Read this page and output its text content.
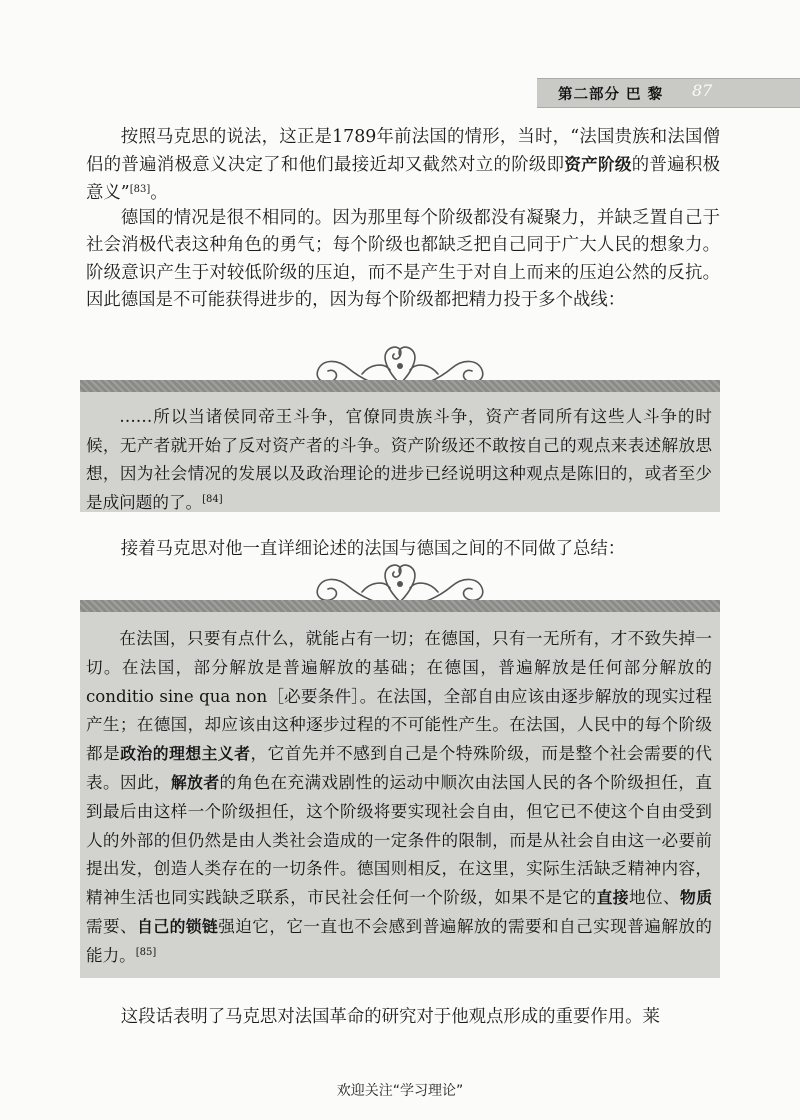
第二部分 巴 黎 87

按照马克思的说法，这正是1789年前法国的情形，当时，“法国贵族和法国僧侣的普遍消极意义决定了和他们最接近却又截然对立的阶级即资产阶级的普遍积极意义”[83]。

德国的情况是很不相同的。因为那里每个阶级都没有凝聚力，并缺乏置自己于社会消极代表这种角色的勇气；每个阶级也都缺乏把自己同于广大人民的想象力。阶级意识产生于对较低阶级的压迫，而不是产生于对自上而来的压迫公然的反抗。因此德国是不可能获得进步的，因为每个阶级都把精力投于多个战线：

……所以当诸侯同帝王斗争，官僚同贵族斗争，资产者同所有这些人斗争的时候，无产者就开始了反对资产者的斗争。资产阶级还不敢按自己的观点来表述解放思想，因为社会情况的发展以及政治理论的进步已经说明这种观点是陈旧的，或者至少是成问题的了。[84]

接着马克思对他一直详细论述的法国与德国之间的不同做了总结：

在法国，只要有点什么，就能占有一切；在德国，只有一无所有，才不致失掉一切。在法国，部分解放是普遍解放的基础；在德国，普遍解放是任何部分解放的 conditio sine qua non［必要条件］。在法国，全部自由应该由逐步解放的现实过程产生；在德国，却应该由这种逐步过程的不可能性产生。在法国，人民中的每个阶级都是政治的理想主义者，它首先并不感到自己是个特殊阶级，而是整个社会需要的代表。因此，解放者的角色在充满戏剧性的运动中顺次由法国人民的各个阶级担任，直到最后由这样一个阶级担任，这个阶级将要实现社会自由，但它已不使这个自由受到人的外部的但仍然是由人类社会造成的一定条件的限制，而是从社会自由这一必要前提出发，创造人类存在的一切条件。德国则相反，在这里，实际生活缺乏精神内容，精神生活也同实践缺乏联系，市民社会任何一个阶级，如果不是它的直接地位、物质需要、自己的锁链强迫它，它一直也不会感到普遍解放的需要和自己实现普遍解放的能力。[85]

这段话表明了马克思对法国革命的研究对于他观点形成的重要作用。莱

欢迎关注“学习理论”
